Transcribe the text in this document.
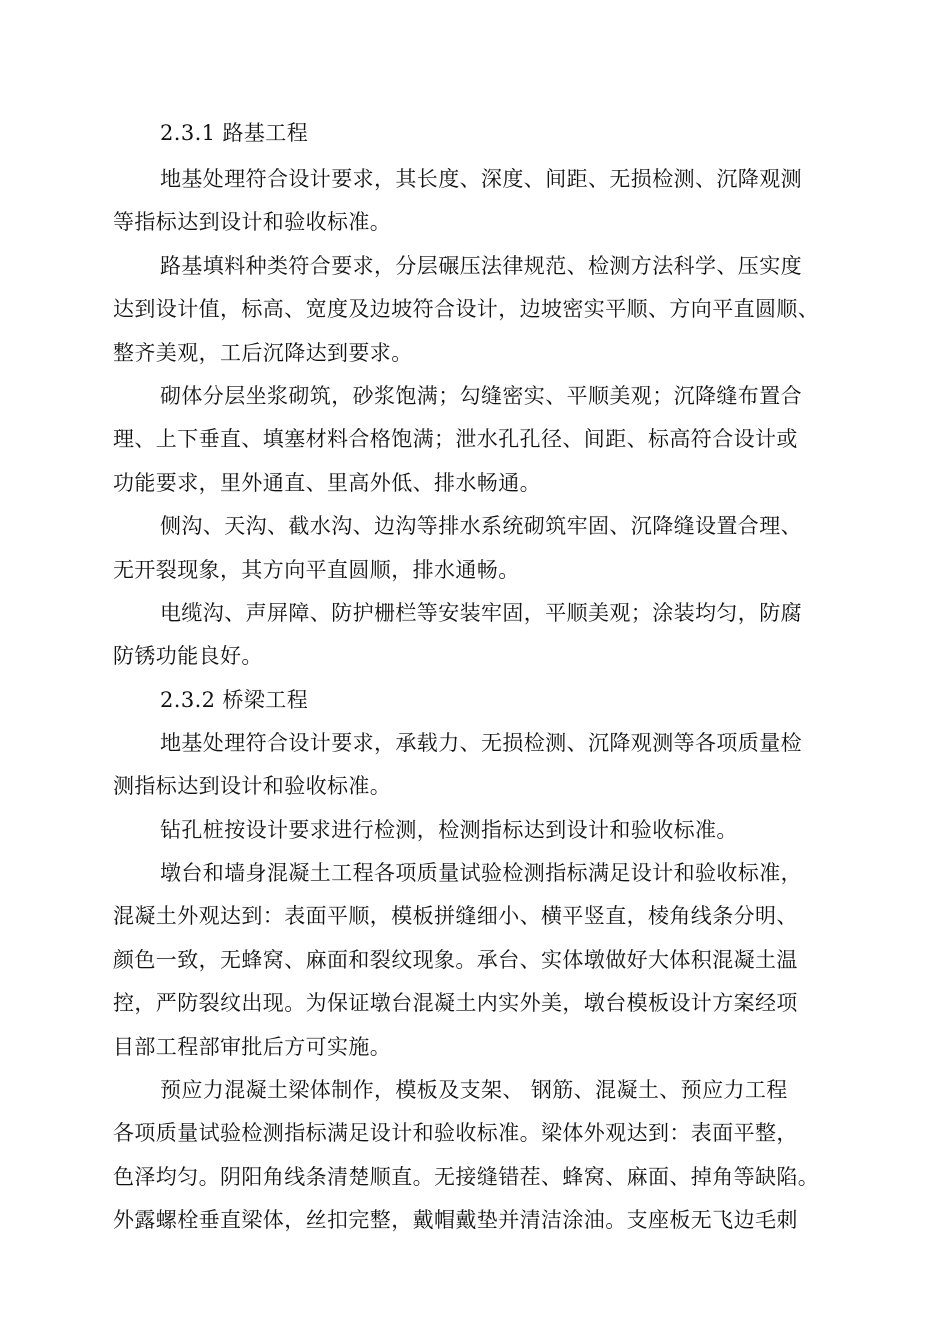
2.3.1 路基工程
地基处理符合设计要求，其长度、深度、间距、无损检测、沉降观测
等指标达到设计和验收标准。
路基填料种类符合要求，分层碾压法律规范、检测方法科学、压实度
达到设计值，标高、宽度及边坡符合设计，边坡密实平顺、方向平直圆顺、
整齐美观，工后沉降达到要求。
砌体分层坐浆砌筑，砂浆饱满；勾缝密实、平顺美观；沉降缝布置合
理、上下垂直、填塞材料合格饱满；泄水孔孔径、间距、标高符合设计或
功能要求，里外通直、里高外低、排水畅通。
侧沟、天沟、截水沟、边沟等排水系统砌筑牢固、沉降缝设置合理、
无开裂现象，其方向平直圆顺，排水通畅。
电缆沟、声屏障、防护栅栏等安装牢固，平顺美观；涂装均匀，防腐
防锈功能良好。
2.3.2 桥梁工程
地基处理符合设计要求，承载力、无损检测、沉降观测等各项质量检
测指标达到设计和验收标准。
钻孔桩按设计要求进行检测，检测指标达到设计和验收标准。
墩台和墙身混凝土工程各项质量试验检测指标满足设计和验收标准，
混凝土外观达到：表面平顺，模板拼缝细小、横平竖直，棱角线条分明、
颜色一致，无蜂窝、麻面和裂纹现象。承台、实体墩做好大体积混凝土温
控，严防裂纹出现。为保证墩台混凝土内实外美，墩台模板设计方案经项
目部工程部审批后方可实施。
预应力混凝土梁体制作，模板及支架、 钢筋、混凝土、预应力工程
各项质量试验检测指标满足设计和验收标准。梁体外观达到：表面平整，
色泽均匀。阴阳角线条清楚顺直。无接缝错茬、蜂窝、麻面、掉角等缺陷。
外露螺栓垂直梁体，丝扣完整，戴帽戴垫并清洁涂油。支座板无飞边毛刺
